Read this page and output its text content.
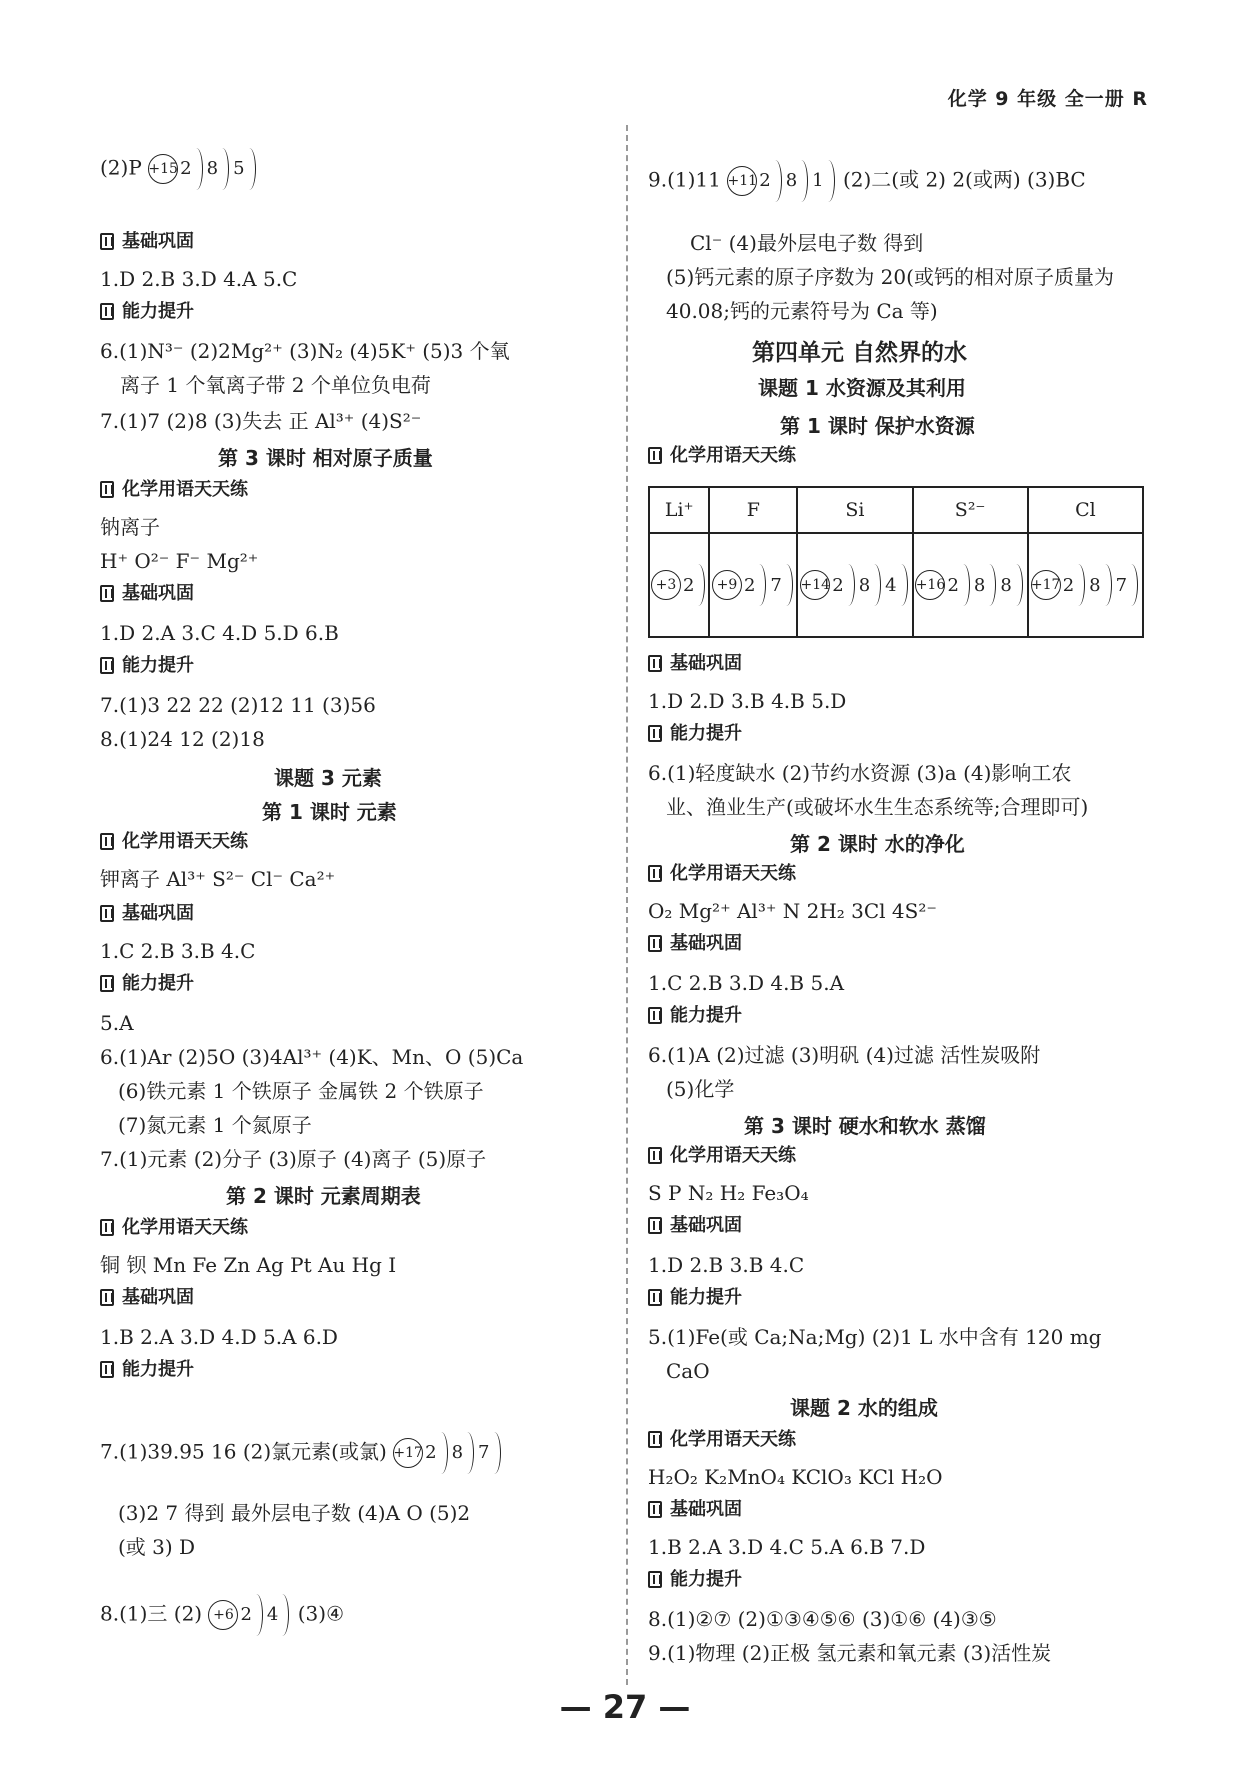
化学 9 年级 全一册 R
(2)P +15 2 8 5
基础巩固
1.D 2.B 3.D 4.A 5.C
能力提升
6.(1)N³⁻ (2)2Mg²⁺ (3)N₂ (4)5K⁺ (5)3 个氧
离子 1 个氧离子带 2 个单位负电荷
7.(1)7 (2)8 (3)失去 正 Al³⁺ (4)S²⁻
第 3 课时 相对原子质量
化学用语天天练
钠离子
H⁺ O²⁻ F⁻ Mg²⁺
基础巩固
1.D 2.A 3.C 4.D 5.D 6.B
能力提升
7.(1)3 22 22 (2)12 11 (3)56
8.(1)24 12 (2)18
课题 3 元素
第 1 课时 元素
化学用语天天练
钾离子 Al³⁺ S²⁻ Cl⁻ Ca²⁺
基础巩固
1.C 2.B 3.B 4.C
能力提升
5.A
6.(1)Ar (2)5O (3)4Al³⁺ (4)K、Mn、O (5)Ca
(6)铁元素 1 个铁原子 金属铁 2 个铁原子
(7)氮元素 1 个氮原子
7.(1)元素 (2)分子 (3)原子 (4)离子 (5)原子
第 2 课时 元素周期表
化学用语天天练
铜 钡 Mn Fe Zn Ag Pt Au Hg I
基础巩固
1.B 2.A 3.D 4.D 5.A 6.D
能力提升
7.(1)39.95 16 (2)氯元素(或氯) +17 2 8 7
(3)2 7 得到 最外层电子数 (4)A O (5)2
(或 3) D
8.(1)三 (2) +6 2 4 (3)④
9.(1)11 +11 2 8 1 (2)二(或 2) 2(或两) (3)BC
Cl⁻ (4)最外层电子数 得到
(5)钙元素的原子序数为 20(或钙的相对原子质量为
40.08;钙的元素符号为 Ca 等)
第四单元 自然界的水
课题 1 水资源及其利用
第 1 课时 保护水资源
化学用语天天练
Li⁺	F	Si	S²⁻	Cl

+3 2	+9 2 7	+14 2 8 4	+16 2 8 8	+17 2 8 7
基础巩固
1.D 2.D 3.B 4.B 5.D
能力提升
6.(1)轻度缺水 (2)节约水资源 (3)a (4)影响工农
业、渔业生产(或破坏水生生态系统等;合理即可)
第 2 课时 水的净化
化学用语天天练
O₂ Mg²⁺ Al³⁺ N 2H₂ 3Cl 4S²⁻
基础巩固
1.C 2.B 3.D 4.B 5.A
能力提升
6.(1)A (2)过滤 (3)明矾 (4)过滤 活性炭吸附
(5)化学
第 3 课时 硬水和软水 蒸馏
化学用语天天练
S P N₂ H₂ Fe₃O₄
基础巩固
1.D 2.B 3.B 4.C
能力提升
5.(1)Fe(或 Ca;Na;Mg) (2)1 L 水中含有 120 mg
CaO
课题 2 水的组成
化学用语天天练
H₂O₂ K₂MnO₄ KClO₃ KCl H₂O
基础巩固
1.B 2.A 3.D 4.C 5.A 6.B 7.D
能力提升
8.(1)②⑦ (2)①③④⑤⑥ (3)①⑥ (4)③⑤
9.(1)物理 (2)正极 氢元素和氧元素 (3)活性炭
— 27 —
